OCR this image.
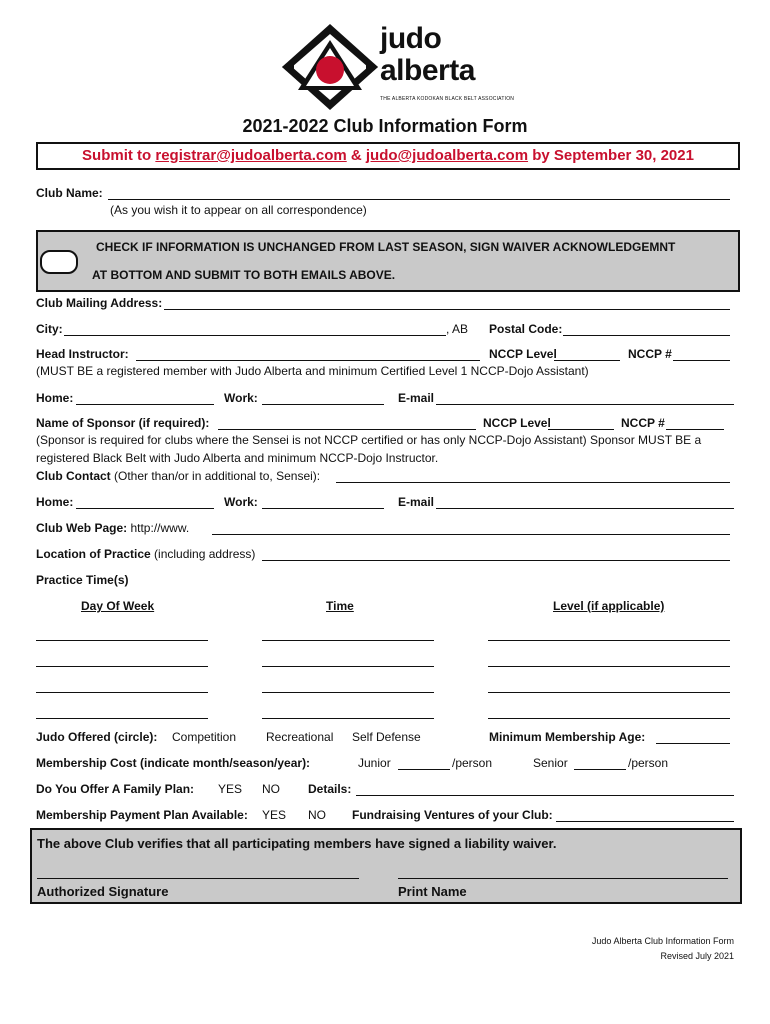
judo
alberta
THE ALBERTA KODOKAN BLACK BELT ASSOCIATION
2021-2022 Club Information Form
Submit to registrar@judoalberta.com & judo@judoalberta.com by September 30, 2021
Club Name:
(As you wish it to appear on all correspondence)
CHECK IF INFORMATION IS UNCHANGED FROM LAST SEASON, SIGN WAIVER ACKNOWLEDGEMNT
AT BOTTOM AND SUBMIT TO BOTH EMAILS ABOVE.
Club Mailing Address:
City:	, AB Postal Code:
Head Instructor:	NCCP Level	NCCP #
(MUST BE a registered member with Judo Alberta and minimum Certified Level 1 NCCP-Dojo Assistant)
Home:	Work:	E-mail
Name of Sponsor (if required):	NCCP Level	NCCP #
(Sponsor is required for clubs where the Sensei is not NCCP certified or has only NCCP-Dojo Assistant) Sponsor MUST BE a
registered Black Belt with Judo Alberta and minimum NCCP-Dojo Instructor.
Club Contact (Other than/or in additional to, Sensei):
Home:	Work:	E-mail
Club Web Page: http://www.
Location of Practice (including address)
Practice Time(s)
Day Of Week	Time	Level (if applicable)
Judo Offered (circle): Competition Recreational Self Defense	Minimum Membership Age:
Membership Cost (indicate month/season/year):	Junior	/person	Senior	/person
Do You Offer A Family Plan: YES NO Details:
Membership Payment Plan Available: YES NO Fundraising Ventures of your Club:
The above Club verifies that all participating members have signed a liability waiver.
Authorized Signature	Print Name
Judo Alberta Club Information Form
Revised July 2021
